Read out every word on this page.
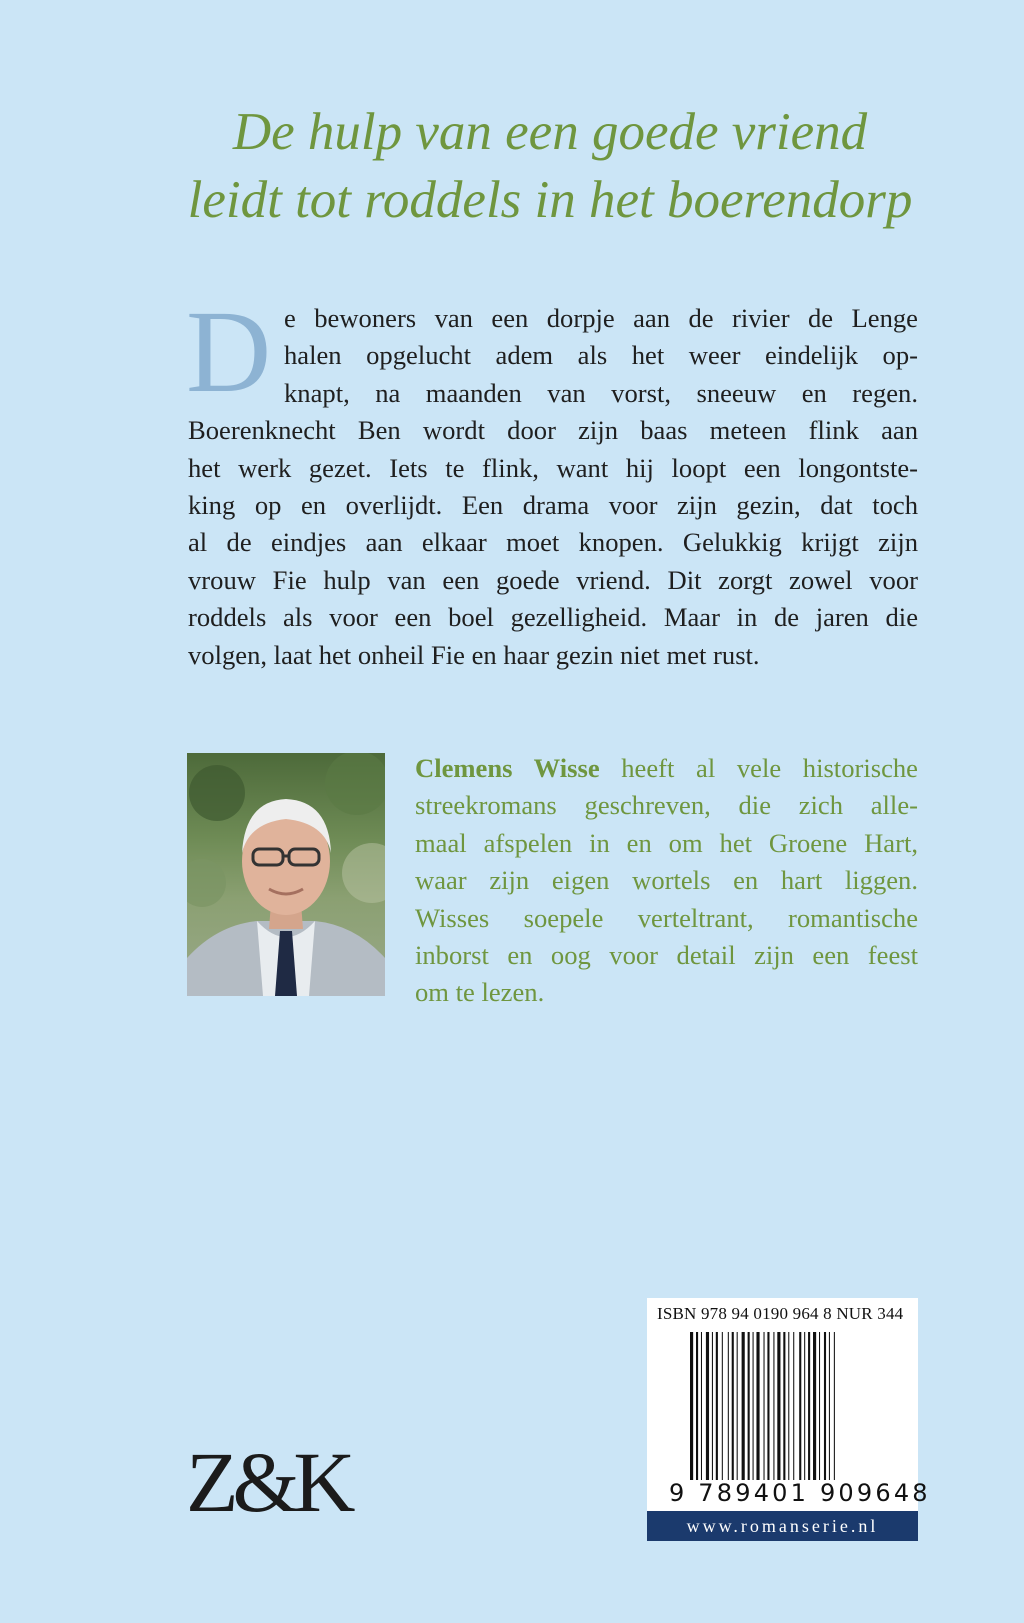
De hulp van een goede vriend
leidt tot roddels in het boerendorp
D e bewoners van een dorpje aan de rivier de Lenge
halen opgelucht adem als het weer eindelijk op-
knapt, na maanden van vorst, sneeuw en regen.
Boerenknecht Ben wordt door zijn baas meteen flink aan
het werk gezet. Iets te flink, want hij loopt een longontste-
king op en overlijdt. Een drama voor zijn gezin, dat toch
al de eindjes aan elkaar moet knopen. Gelukkig krijgt zijn
vrouw Fie hulp van een goede vriend. Dit zorgt zowel voor
roddels als voor een boel gezelligheid. Maar in de jaren die
volgen, laat het onheil Fie en haar gezin niet met rust.
Clemens Wisse heeft al vele historische
streekromans geschreven, die zich alle-
maal afspelen in en om het Groene Hart,
waar zijn eigen wortels en hart liggen.
Wisses soepele verteltrant, romantische
inborst en oog voor detail zijn een feest
om te lezen.
ISBN 978 94 0190 964 8 NUR 344
9 789401 909648
www.romanserie.nl
Z&K
